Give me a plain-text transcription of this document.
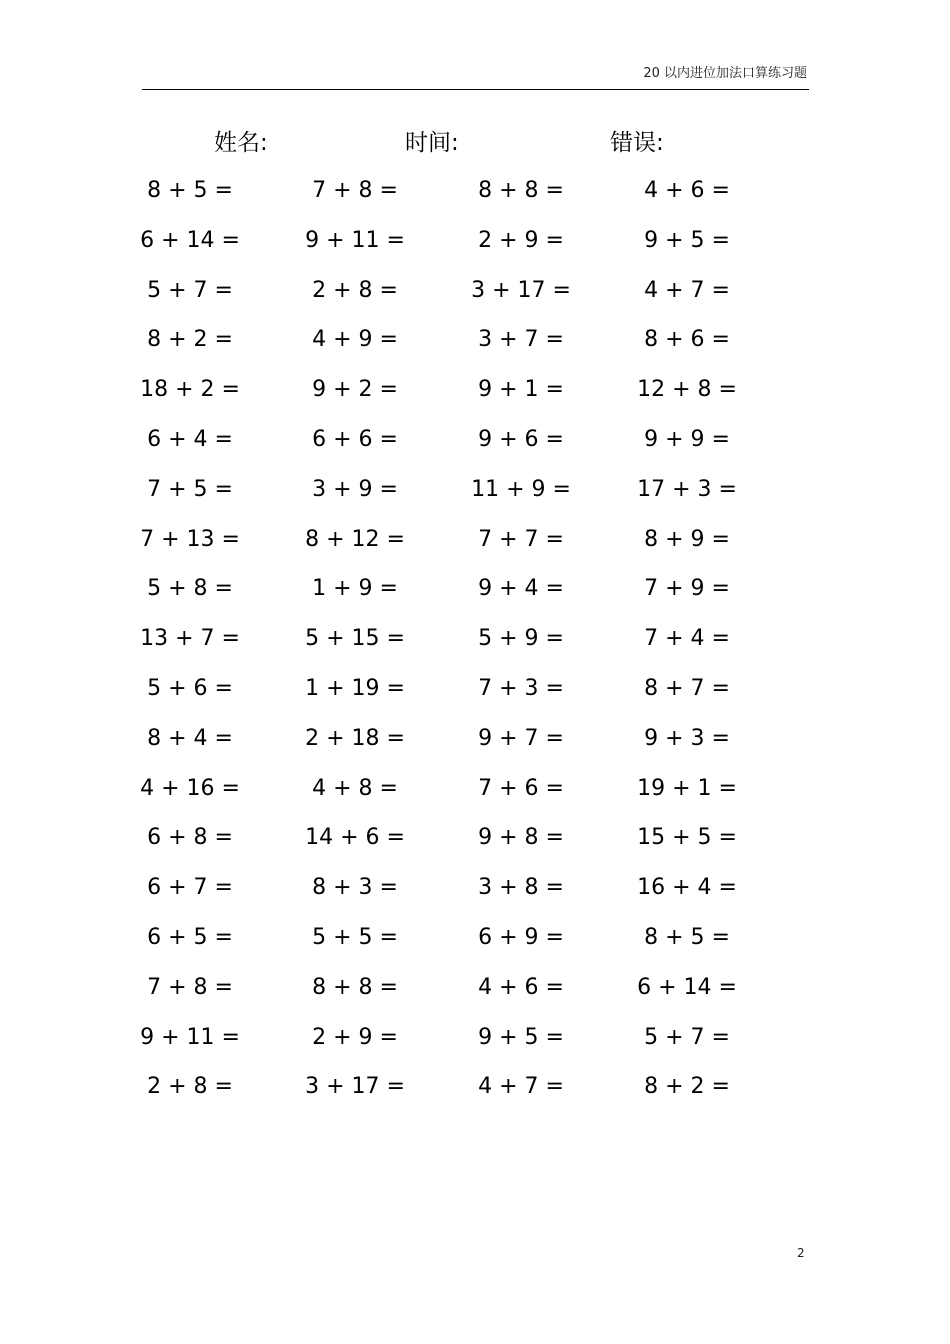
20 以内进位加法口算练习题
姓名:	时间:	错误:
8 + 5 =	7 + 8 =	8 + 8 =	4 + 6 =
6 + 14 =	9 + 11 =	2 + 9 =	9 + 5 =
5 + 7 =	2 + 8 =	3 + 17 =	4 + 7 =
8 + 2 =	4 + 9 =	3 + 7 =	8 + 6 =
18 + 2 =	9 + 2 =	9 + 1 =	12 + 8 =
6 + 4 =	6 + 6 =	9 + 6 =	9 + 9 =
7 + 5 =	3 + 9 =	11 + 9 =	17 + 3 =
7 + 13 =	8 + 12 =	7 + 7 =	8 + 9 =
5 + 8 =	1 + 9 =	9 + 4 =	7 + 9 =
13 + 7 =	5 + 15 =	5 + 9 =	7 + 4 =
5 + 6 =	1 + 19 =	7 + 3 =	8 + 7 =
8 + 4 =	2 + 18 =	9 + 7 =	9 + 3 =
4 + 16 =	4 + 8 =	7 + 6 =	19 + 1 =
6 + 8 =	14 + 6 =	9 + 8 =	15 + 5 =
6 + 7 =	8 + 3 =	3 + 8 =	16 + 4 =
6 + 5 =	5 + 5 =	6 + 9 =	8 + 5 =
7 + 8 =	8 + 8 =	4 + 6 =	6 + 14 =
9 + 11 =	2 + 9 =	9 + 5 =	5 + 7 =
2 + 8 =	3 + 17 =	4 + 7 =	8 + 2 =
2
